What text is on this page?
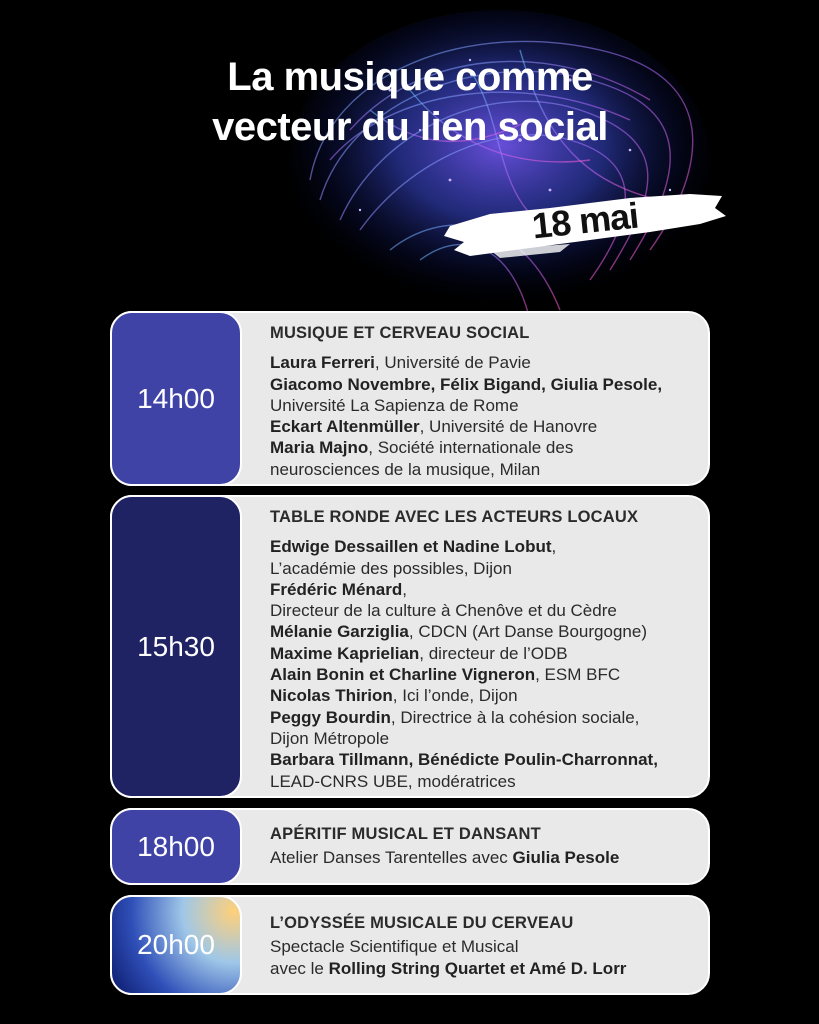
La musique comme
vecteur du lien social
18 mai
14h00
MUSIQUE ET CERVEAU SOCIAL
Laura Ferreri, Université de Pavie
Giacomo Novembre, Félix Bigand, Giulia Pesole,
Université La Sapienza de Rome
Eckart Altenmüller, Université de Hanovre
Maria Majno, Société internationale des
neurosciences de la musique, Milan
15h30
TABLE RONDE AVEC LES ACTEURS LOCAUX
Edwige Dessaillen et Nadine Lobut,
L’académie des possibles, Dijon
Frédéric Ménard,
Directeur de la culture à Chenôve et du Cèdre
Mélanie Garziglia, CDCN (Art Danse Bourgogne)
Maxime Kaprielian, directeur de l’ODB
Alain Bonin et Charline Vigneron, ESM BFC
Nicolas Thirion, Ici l’onde, Dijon
Peggy Bourdin, Directrice à la cohésion sociale,
Dijon Métropole
Barbara Tillmann, Bénédicte Poulin-Charronnat,
LEAD-CNRS UBE, modératrices
18h00	APÉRITIF MUSICAL ET DANSANT
Atelier Danses Tarentelles avec Giulia Pesole
20h00
L’ODYSSÉE MUSICALE DU CERVEAU
Spectacle Scientifique et Musical
avec le Rolling String Quartet et Amé D. Lorr
